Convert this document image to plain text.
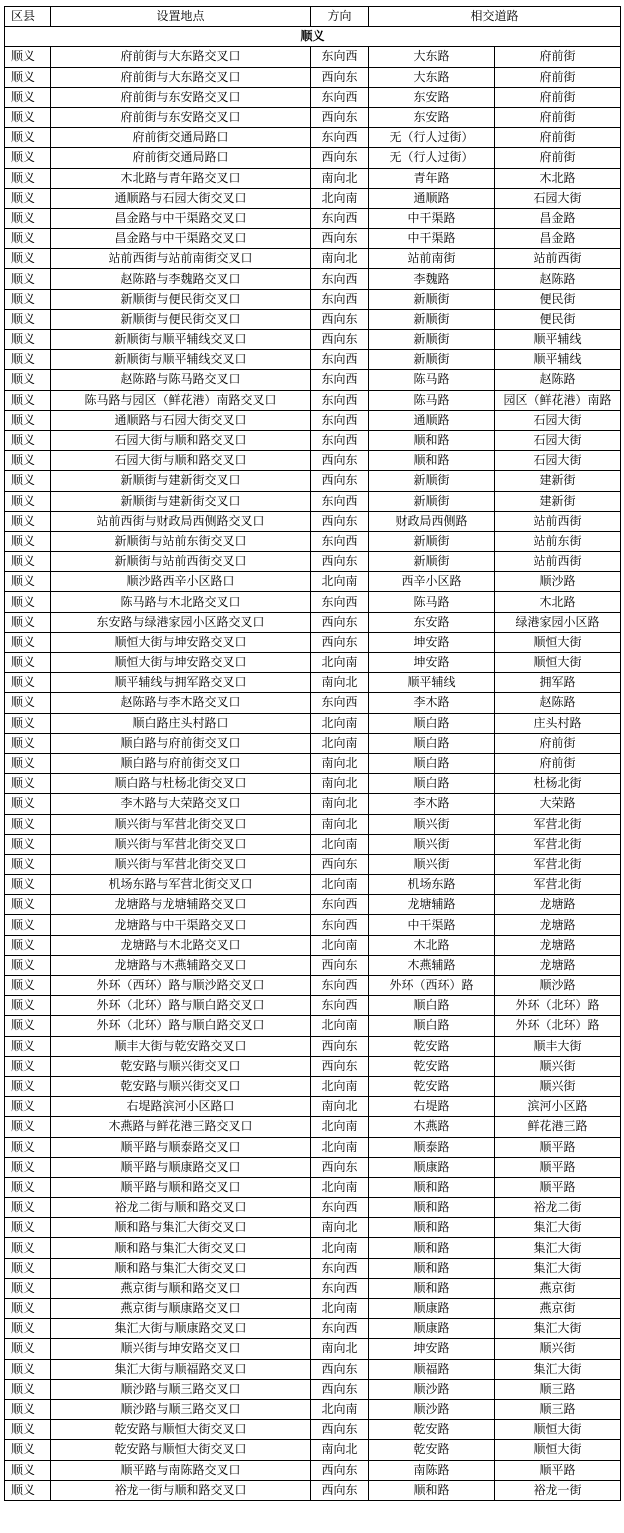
区县	设置地点	方向	相交道路	
顺义				
顺义	府前街与大东路交叉口	东向西	大东路	府前街
顺义	府前街与大东路交叉口	西向东	大东路	府前街
顺义	府前街与东安路交叉口	东向西	东安路	府前街
顺义	府前街与东安路交叉口	西向东	东安路	府前街
顺义	府前街交通局路口	东向西	无（行人过街）	府前街
顺义	府前街交通局路口	西向东	无（行人过街）	府前街
顺义	木北路与青年路交叉口	南向北	青年路	木北路
顺义	通顺路与石园大街交叉口	北向南	通顺路	石园大街
顺义	昌金路与中干渠路交叉口	东向西	中干渠路	昌金路
顺义	昌金路与中干渠路交叉口	西向东	中干渠路	昌金路
顺义	站前西街与站前南街交叉口	南向北	站前南街	站前西街
顺义	赵陈路与李魏路交叉口	东向西	李魏路	赵陈路
顺义	新顺街与便民街交叉口	东向西	新顺街	便民街
顺义	新顺街与便民街交叉口	西向东	新顺街	便民街
顺义	新顺街与顺平辅线交叉口	西向东	新顺街	顺平辅线
顺义	新顺街与顺平辅线交叉口	东向西	新顺街	顺平辅线
顺义	赵陈路与陈马路交叉口	东向西	陈马路	赵陈路
顺义	陈马路与园区（鲜花港）南路交叉口	东向西	陈马路	园区（鲜花港）南路
顺义	通顺路与石园大街交叉口	东向西	通顺路	石园大街
顺义	石园大街与顺和路交叉口	东向西	顺和路	石园大街
顺义	石园大街与顺和路交叉口	西向东	顺和路	石园大街
顺义	新顺街与建新街交叉口	西向东	新顺街	建新街
顺义	新顺街与建新街交叉口	东向西	新顺街	建新街
顺义	站前西街与财政局西侧路交叉口	西向东	财政局西侧路	站前西街
顺义	新顺街与站前东街交叉口	东向西	新顺街	站前东街
顺义	新顺街与站前西街交叉口	西向东	新顺街	站前西街
顺义	顺沙路西辛小区路口	北向南	西辛小区路	顺沙路
顺义	陈马路与木北路交叉口	东向西	陈马路	木北路
顺义	东安路与绿港家园小区路交叉口	西向东	东安路	绿港家园小区路
顺义	顺恒大街与坤安路交叉口	西向东	坤安路	顺恒大街
顺义	顺恒大街与坤安路交叉口	北向南	坤安路	顺恒大街
顺义	顺平辅线与拥军路交叉口	南向北	顺平辅线	拥军路
顺义	赵陈路与李木路交叉口	东向西	李木路	赵陈路
顺义	顺白路庄头村路口	北向南	顺白路	庄头村路
顺义	顺白路与府前街交叉口	北向南	顺白路	府前街
顺义	顺白路与府前街交叉口	南向北	顺白路	府前街
顺义	顺白路与杜杨北街交叉口	南向北	顺白路	杜杨北街
顺义	李木路与大荣路交叉口	南向北	李木路	大荣路
顺义	顺兴街与军营北街交叉口	南向北	顺兴街	军营北街
顺义	顺兴街与军营北街交叉口	北向南	顺兴街	军营北街
顺义	顺兴街与军营北街交叉口	西向东	顺兴街	军营北街
顺义	机场东路与军营北街交叉口	北向南	机场东路	军营北街
顺义	龙塘路与龙塘辅路交叉口	东向西	龙塘辅路	龙塘路
顺义	龙塘路与中干渠路交叉口	东向西	中干渠路	龙塘路
顺义	龙塘路与木北路交叉口	北向南	木北路	龙塘路
顺义	龙塘路与木燕辅路交叉口	西向东	木燕辅路	龙塘路
顺义	外环（西环）路与顺沙路交叉口	东向西	外环（西环）路	顺沙路
顺义	外环（北环）路与顺白路交叉口	东向西	顺白路	外环（北环）路
顺义	外环（北环）路与顺白路交叉口	北向南	顺白路	外环（北环）路
顺义	顺丰大街与乾安路交叉口	西向东	乾安路	顺丰大街
顺义	乾安路与顺兴街交叉口	西向东	乾安路	顺兴街
顺义	乾安路与顺兴街交叉口	北向南	乾安路	顺兴街
顺义	右堤路滨河小区路口	南向北	右堤路	滨河小区路
顺义	木燕路与鲜花港三路交叉口	北向南	木燕路	鲜花港三路
顺义	顺平路与顺泰路交叉口	北向南	顺泰路	顺平路
顺义	顺平路与顺康路交叉口	西向东	顺康路	顺平路
顺义	顺平路与顺和路交叉口	北向南	顺和路	顺平路
顺义	裕龙二街与顺和路交叉口	东向西	顺和路	裕龙二街
顺义	顺和路与集汇大街交叉口	南向北	顺和路	集汇大街
顺义	顺和路与集汇大街交叉口	北向南	顺和路	集汇大街
顺义	顺和路与集汇大街交叉口	东向西	顺和路	集汇大街
顺义	燕京街与顺和路交叉口	东向西	顺和路	燕京街
顺义	燕京街与顺康路交叉口	北向南	顺康路	燕京街
顺义	集汇大街与顺康路交叉口	东向西	顺康路	集汇大街
顺义	顺兴街与坤安路交叉口	南向北	坤安路	顺兴街
顺义	集汇大街与顺福路交叉口	西向东	顺福路	集汇大街
顺义	顺沙路与顺三路交叉口	西向东	顺沙路	顺三路
顺义	顺沙路与顺三路交叉口	北向南	顺沙路	顺三路
顺义	乾安路与顺恒大街交叉口	西向东	乾安路	顺恒大街
顺义	乾安路与顺恒大街交叉口	南向北	乾安路	顺恒大街
顺义	顺平路与南陈路交叉口	西向东	南陈路	顺平路
顺义	裕龙一街与顺和路交叉口	西向东	顺和路	裕龙一街
